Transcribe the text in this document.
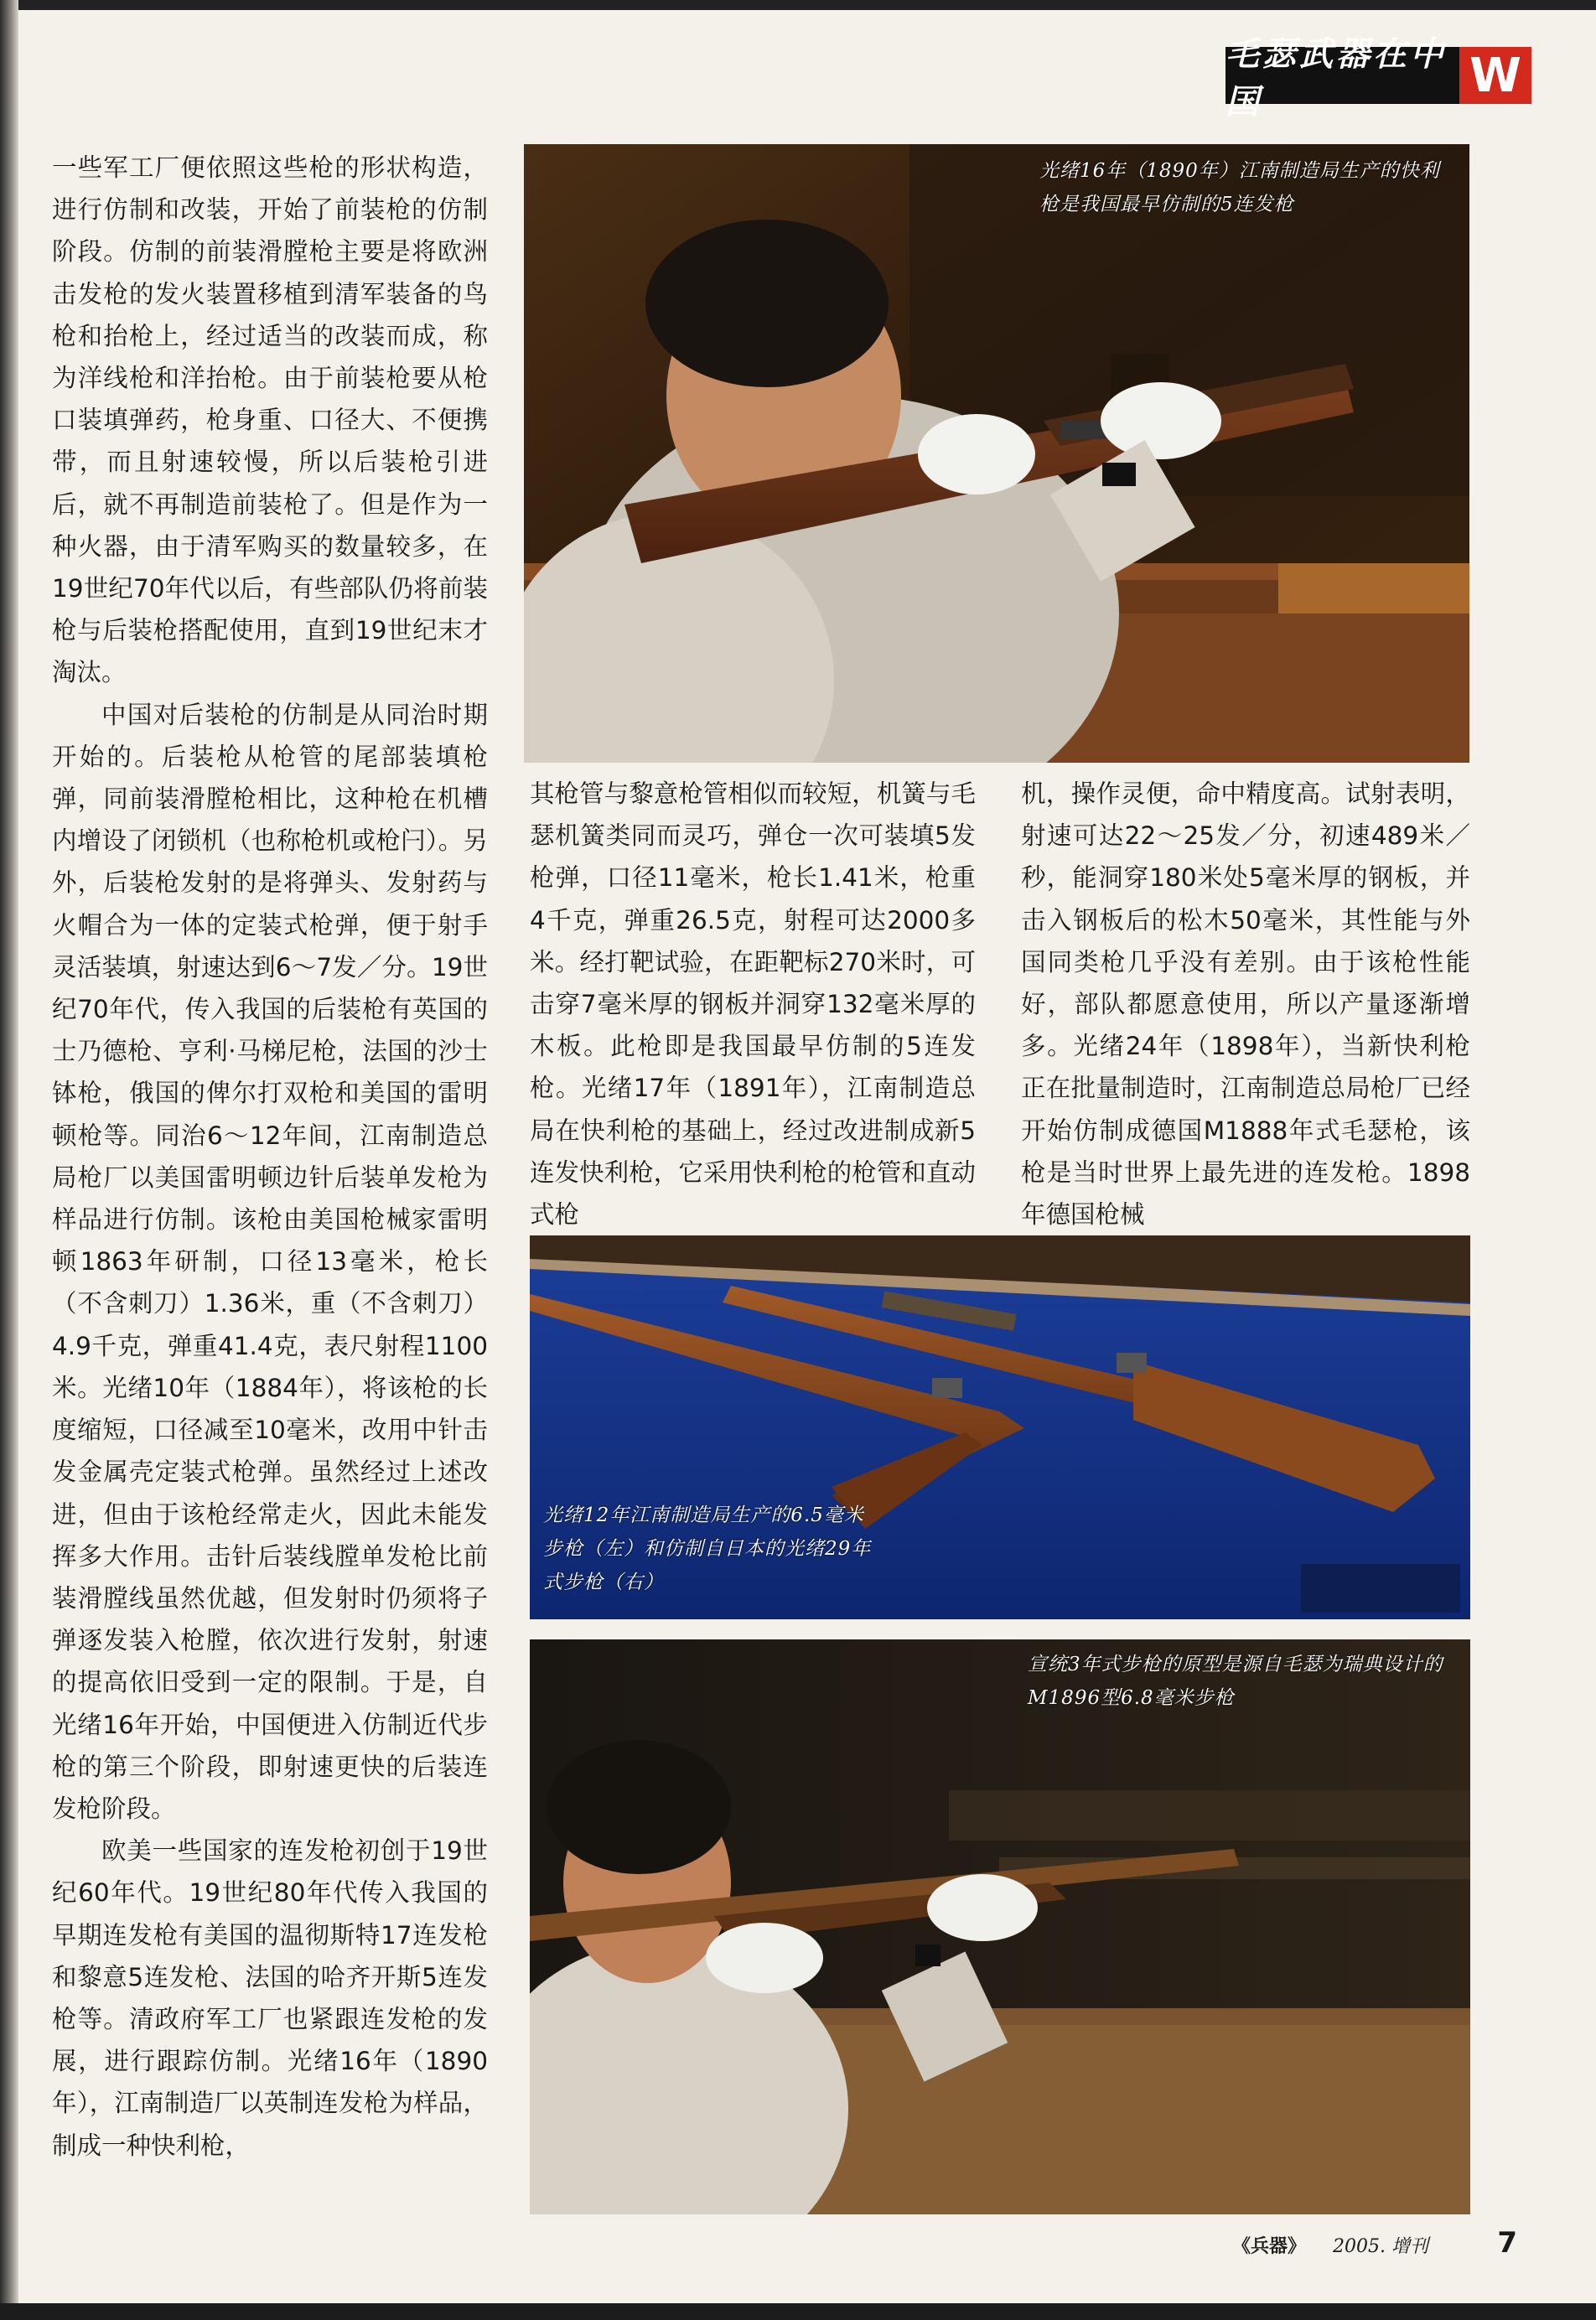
毛瑟武器在中国	W

一些军工厂便依照这些枪的形状构造，进行仿制和改装，开始了前装枪的仿制阶段。仿制的前装滑膛枪主要是将欧洲击发枪的发火装置移植到清军装备的鸟枪和抬枪上，经过适当的改装而成，称为洋线枪和洋抬枪。由于前装枪要从枪口装填弹药，枪身重、口径大、不便携带，而且射速较慢，所以后装枪引进后，就不再制造前装枪了。但是作为一种火器，由于清军购买的数量较多，在19世纪70年代以后，有些部队仍将前装枪与后装枪搭配使用，直到19世纪末才淘汰。

中国对后装枪的仿制是从同治时期开始的。后装枪从枪管的尾部装填枪弹，同前装滑膛枪相比，这种枪在机槽内增设了闭锁机（也称枪机或枪闩）。另外，后装枪发射的是将弹头、发射药与火帽合为一体的定装式枪弹，便于射手灵活装填，射速达到6～7发／分。19世纪70年代，传入我国的后装枪有英国的士乃德枪、亨利·马梯尼枪，法国的沙士钵枪，俄国的俾尔打双枪和美国的雷明顿枪等。同治6～12年间，江南制造总局枪厂以美国雷明顿边针后装单发枪为样品进行仿制。该枪由美国枪械家雷明顿1863年研制，口径13毫米，枪长（不含刺刀）1.36米，重（不含刺刀）4.9千克，弹重41.4克，表尺射程1100米。光绪10年（1884年），将该枪的长度缩短，口径减至10毫米，改用中针击发金属壳定装式枪弹。虽然经过上述改进，但由于该枪经常走火，因此未能发挥多大作用。击针后装线膛单发枪比前装滑膛线虽然优越，但发射时仍须将子弹逐发装入枪膛，依次进行发射，射速的提高依旧受到一定的限制。于是，自光绪16年开始，中国便进入仿制近代步枪的第三个阶段，即射速更快的后装连发枪阶段。

欧美一些国家的连发枪初创于19世纪60年代。19世纪80年代传入我国的早期连发枪有美国的温彻斯特17连发枪和黎意5连发枪、法国的哈齐开斯5连发枪等。清政府军工厂也紧跟连发枪的发展，进行跟踪仿制。光绪16年（1890年），江南制造厂以英制连发枪为样品，制成一种快利枪，

光绪16年（1890年）江南制造局生产的快利枪是我国最早仿制的5连发枪

其枪管与黎意枪管相似而较短，机簧与毛瑟机簧类同而灵巧，弹仓一次可装填5发枪弹，口径11毫米，枪长1.41米，枪重4千克，弹重26.5克，射程可达2000多米。经打靶试验，在距靶标270米时，可击穿7毫米厚的钢板并洞穿132毫米厚的木板。此枪即是我国最早仿制的5连发枪。光绪17年（1891年），江南制造总局在快利枪的基础上，经过改进制成新5连发快利枪，它采用快利枪的枪管和直动式枪

机，操作灵便，命中精度高。试射表明，射速可达22～25发／分，初速489米／秒，能洞穿180米处5毫米厚的钢板，并击入钢板后的松木50毫米，其性能与外国同类枪几乎没有差别。由于该枪性能好，部队都愿意使用，所以产量逐渐增多。光绪24年（1898年），当新快利枪正在批量制造时，江南制造总局枪厂已经开始仿制成德国M1888年式毛瑟枪，该枪是当时世界上最先进的连发枪。1898年德国枪械

光绪12年江南制造局生产的6.5毫米步枪（左）和仿制自日本的光绪29年式步枪（右）
宣统3年式步枪的原型是源自毛瑟为瑞典设计的M1896型6.8毫米步枪
《兵器》 2005. 增刊 7
